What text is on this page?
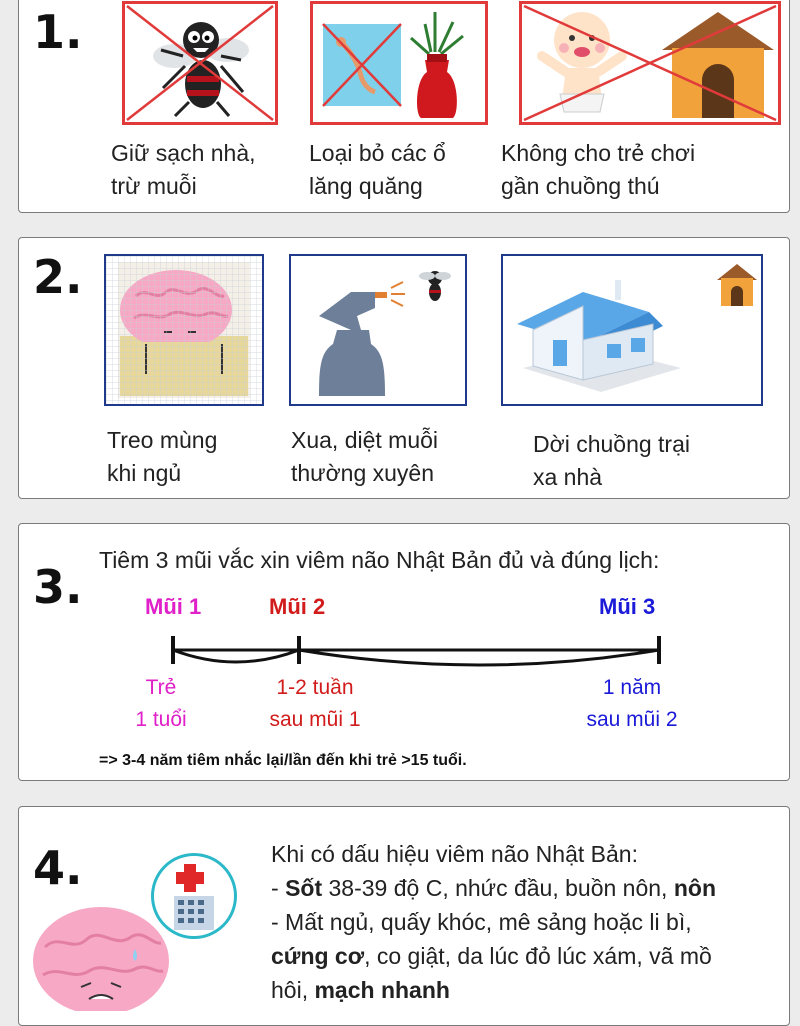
1.
Giữ sạch nhà,
trừ muỗi
Loại bỏ các ổ
lăng quăng
Không cho trẻ chơi
gần chuồng thú
2.
Treo mùng
khi ngủ
Xua, diệt muỗi
thường xuyên
Dời chuồng trại
xa nhà
3. Tiêm 3 mũi vắc xin viêm não Nhật Bản đủ và đúng lịch:
Mũi 1	Mũi 2	Mũi 3
Trẻ
1 tuổi
1-2 tuần
sau mũi 1
1 năm
sau mũi 2
=> 3-4 năm tiêm nhắc lại/lần đến khi trẻ >15 tuổi.
4.	Khi có dấu hiệu viêm não Nhật Bản:
- Sốt 38-39 độ C, nhức đầu, buồn nôn, nôn
- Mất ngủ, quấy khóc, mê sảng hoặc li bì,
cứng cơ, co giật, da lúc đỏ lúc xám, vã mồ
hôi, mạch nhanh
